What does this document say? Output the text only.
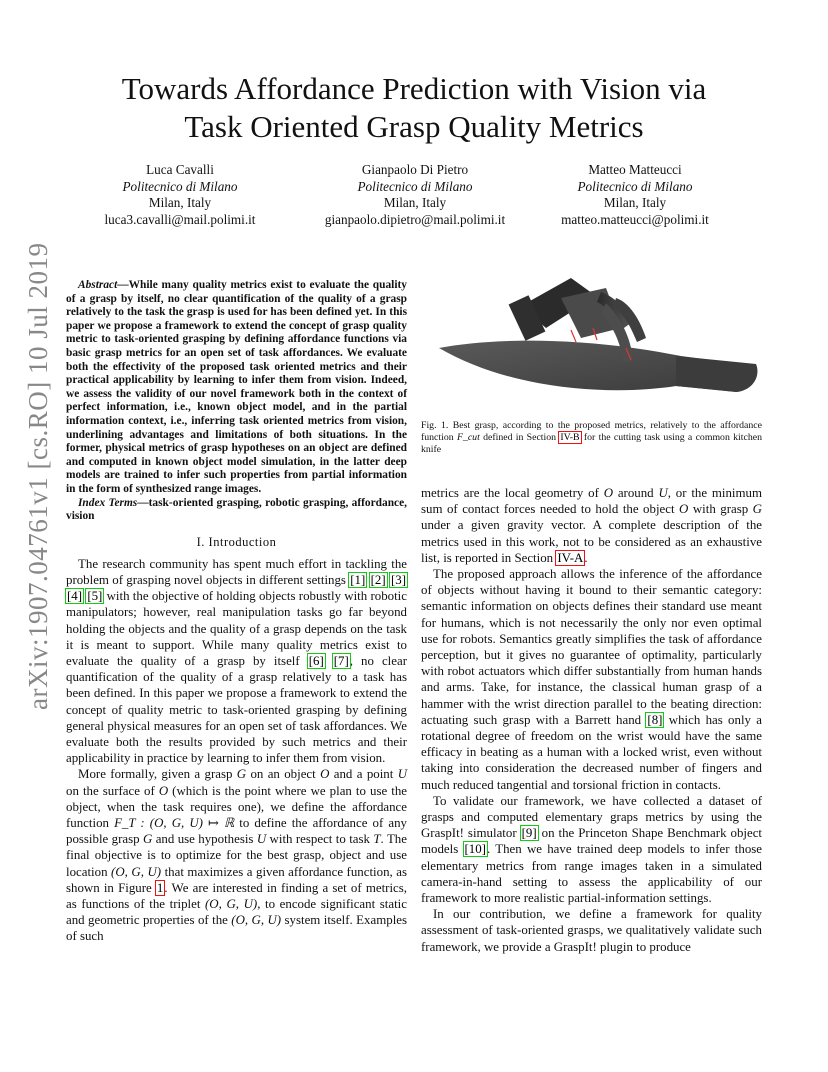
arXiv:1907.04761v1 [cs.RO] 10 Jul 2019
Towards Affordance Prediction with Vision via
Task Oriented Grasp Quality Metrics
Luca Cavalli
Politecnico di Milano
Milan, Italy
luca3.cavalli@mail.polimi.it
Gianpaolo Di Pietro
Politecnico di Milano
Milan, Italy
gianpaolo.dipietro@mail.polimi.it
Matteo Matteucci
Politecnico di Milano
Milan, Italy
matteo.matteucci@polimi.it

Abstract—While many quality metrics exist to evaluate the quality of a grasp by itself, no clear quantification of the quality of a grasp relatively to the task the grasp is used for has been defined yet. In this paper we propose a framework to extend the concept of grasp quality metric to task-oriented grasping by defining affordance functions via basic grasp metrics for an open set of task affordances. We evaluate both the effectivity of the proposed task oriented metrics and their practical applicability by learning to infer them from vision. Indeed, we assess the validity of our novel framework both in the context of perfect information, i.e., known object model, and in the partial information context, i.e., inferring task oriented metrics from vision, underlining advantages and limitations of both situations. In the former, physical metrics of grasp hypotheses on an object are defined and computed in known object model simulation, in the latter deep models are trained to infer such properties from partial information in the form of synthesized range images.

Index Terms—task-oriented grasping, robotic grasping, affordance, vision

I. Introduction

The research community has spent much effort in tackling the problem of grasping novel objects in different settings [1] [2] [3] [4] [5] with the objective of holding objects robustly with robotic manipulators; however, real manipulation tasks go far beyond holding the objects and the quality of a grasp depends on the task it is meant to support. While many quality metrics exist to evaluate the quality of a grasp by itself [6] [7], no clear quantification of the quality of a grasp relatively to a task has been defined. In this paper we propose a framework to extend the concept of quality metric to task-oriented grasping by defining general physical measures for an open set of task affordances. We evaluate both the results provided by such metrics and their applicability in practice by learning to infer them from vision.

More formally, given a grasp G on an object O and a point U on the surface of O (which is the point where we plan to use the object, when the task requires one), we define the affordance function F_T : (O, G, U) ↦ ℝ to define the affordance of any possible grasp G and use hypothesis U with respect to task T. The final objective is to optimize for the best grasp, object and use location (O, G, U) that maximizes a given affordance function, as shown in Figure 1. We are interested in finding a set of metrics, as functions of the triplet (O, G, U), to encode significant static and geometric properties of the (O, G, U) system itself. Examples of such

Fig. 1. Best grasp, according to the proposed metrics, relatively to the affordance function F_cut defined in Section IV-B for the cutting task using a common kitchen knife

metrics are the local geometry of O around U, or the minimum sum of contact forces needed to hold the object O with grasp G under a given gravity vector. A complete description of the metrics used in this work, not to be considered as an exhaustive list, is reported in Section IV-A.

The proposed approach allows the inference of the affordance of objects without having it bound to their semantic category: semantic information on objects defines their standard use meant for humans, which is not necessarily the only nor even optimal use for robots. Semantics greatly simplifies the task of affordance perception, but it gives no guarantee of optimality, particularly with robot actuators which differ substantially from human hands and arms. Take, for instance, the classical human grasp of a hammer with the wrist direction parallel to the beating direction: actuating such grasp with a Barrett hand [8] which has only a rotational degree of freedom on the wrist would have the same efficacy in beating as a human with a locked wrist, even without taking into consideration the decreased number of fingers and much reduced tangential and torsional friction in contacts.

To validate our framework, we have collected a dataset of grasps and computed elementary graps metrics by using the GraspIt! simulator [9] on the Princeton Shape Benchmark object models [10]. Then we have trained deep models to infer those elementary metrics from range images taken in a simulated camera-in-hand setting to assess the applicability of our framework to more realistic partial-information settings.

In our contribution, we define a framework for quality assessment of task-oriented grasps, we qualitatively validate such framework, we provide a GraspIt! plugin to produce
